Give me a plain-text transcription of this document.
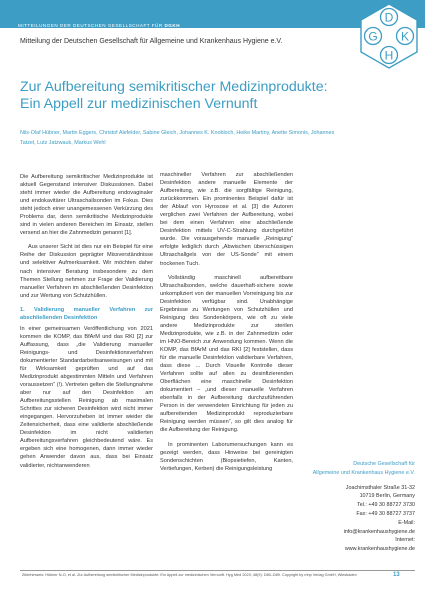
MITTEILUNGEN DER DEUTSCHEN GESELLSCHAFT FÜR DGKH
D
G K
H
Mitteilung der Deutschen Gesellschaft für Allgemeine und Krankenhaus Hygiene e.V.
Zur Aufbereitung semikritischer Medizinprodukte: Ein Appell zur medizinischen Vernunft
Nils-Olaf Hübner, Martin Eggers, Christof Alefelder, Sabine Gleich, Johannes K. Knobloch, Heike Martiny, Anette Simonis, Johannes Tatzel, Lutz Jatzwauk, Markus Wehl

Die Aufbereitung semikritischer Medizinprodukte ist aktuell Gegenstand intensiver Diskussionen. Dabei steht immer wieder die Aufbereitung endovaginaler und endokavitärer Ultraschallsonden im Fokus. Dies steht jedoch einer unangemessenen Verkürzung des Problems dar, denn semikritische Medizinprodukte sind in vielen anderen Bereichen im Einsatz, stellen versend an hier die Zahnmedizin genannt [1].

Aus unserer Sicht ist dies nur ein Beispiel für eine Reihe der Diskussion geprägter Missverständnisse und selektiver Aufmerksamkeit. Wir möchten daher nach intensiver Beratung insbesondere zu dem Themen Stellung nehmen zur Frage der Validierung manueller Verfahren im abschließenden Desinfektion und zur Wertung von Schutzhüllen.

1. Validierung manueller Verfahren zur abschließenden Desinfektion

In einer gemeinsamen Veröffentlichung von 2021 kommen die KOMP, das BfArM und das RKI [2] zur Auffassung, dass „die Validierung manueller Reinigungs- und Desinfektionsverfahren dokumentierter Standardarbeitsanweisungen und mit für Wirksamkeit geprüften und auf das Medizinprodukt abgestimmten Mitteln und Verfahren voraussetzen“ (!). Vertreten gelten die Stellungnahme aber nur auf den Desinfektion am Aufbereitungsstellen Reinigung ab maximalen Schrittes zur sicheren Desinfektion wird nicht immer eingegangen. Hervorzuheben ist immer wieder die Zeitensicherheit, dass eine validierte abschließende Desinfektion im nicht validierten Aufbereitungsverfahren gleichbedeutend wäre. Es ergeben sich eine homogenen, dann immer wieder gehen Anwender davon aus, dass bei Einsatz validierter, nichtanwenderen

maschineller Verfahren zur abschließenden Desinfektion andere manuelle Elemente der Aufbereitung, wie z.B. die sorgfältige Reinigung, zurückkommen. Ein prominentes Beispiel dafür ist der Ablauf von Hyrosose et al. [3] die Autoren verglichen zwei Verfahren der Aufbereitung, wobei bei dem einen Verfahren eine abschließende Desinfektion mittels UV-C-Strahlung durchgeführt wurde. Die vorausgehende manuelle „Reinigung“ erfolgte lediglich durch „Abwischen überschüssigen Ultraschallgels von der US-Sonde“ mit einem trockenen Tuch.

Vollständig maschinell aufbereitbare Ultraschallsonden, welche dauerhaft-sichere sowie unkompliziert von der manuellen Vorreinigung bis zur Desinfektion verfügbar sind. Unabhängige Ergebnisse zu Wertungen von Schutzhüllen und Reinigung des Sondenkörpers, wie oft zu viele andere Medizinprodukte zur sterilen Medizinprodukte, wie z.B. in der Zahnmedizin oder im HNO-Bereich zur Anwendung kommen. Wenn die KOMP, das BfArM und das RKI [2] feststellen, dass für die manuelle Desinfektion validierbare Verfahren, dass diese ... Durch Visuelle Kontrolle dieser Verfahren sollte auf allen zu desinfizierenden Oberflächen eine maschinelle Desinfektion dokumentiert – „und dieser manuelle Verfahren ebenfalls in der Aufbereitung durchzuführenden Person in der verwendeten Einrichtung für jeden zu aufbereitenden Medizinprodukt reproduzierbare Reinigung werden müssen“, so gilt dies analog für die Aufbereitung der Reinigung.

In prominenten Laborumersuchungen kann es gezeigt werden, dass Hinweise bei gereinigten Sondenschichten (Biopsietiefen, Kanten, Vertiefungen, Kerben) die Reinigungsleistung

Deutsche Gesellschaft für
Allgemeine und Krankenhaus Hygiene e.V.
Joachimsthaler Straße 31-32
10719 Berlin, Germany
Tel.: +49 30 88727 3730
Fax: +49 30 88727 3737
E-Mail:
info@krankenhaushygiene.de
Internet:
www.krankenhaushygiene.de
Zitierhinweis: Hübner N-O, et al. Zur Aufbereitung semikritischer Medizinprodukte: Ein Appell zur medizinischen Vernunft. Hyg Med 2023; 48(9): D80–D89. Copyright by mhp Verlag GmbH, Wiesbaden	13
